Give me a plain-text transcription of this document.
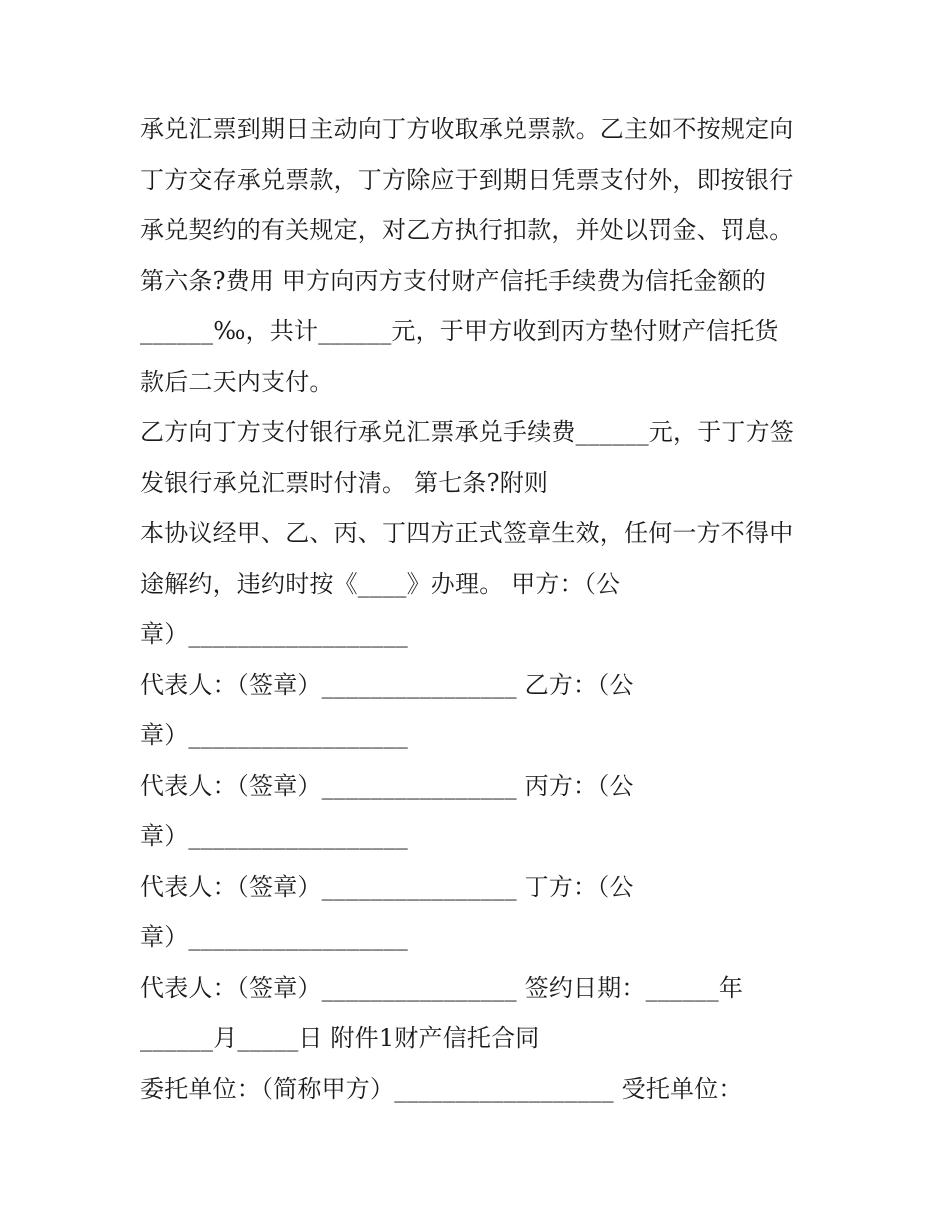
承兑汇票到期日主动向丁方收取承兑票款。乙主如不按规定向
丁方交存承兑票款，丁方除应于到期日凭票支付外，即按银行
承兑契约的有关规定，对乙方执行扣款，并处以罚金、罚息。
第六条?费用 甲方向丙方支付财产信托手续费为信托金额的
______‰，共计______元，于甲方收到丙方垫付财产信托货
款后二天内支付。
乙方向丁方支付银行承兑汇票承兑手续费______元，于丁方签
发银行承兑汇票时付清。 第七条?附则
本协议经甲、乙、丙、丁四方正式签章生效，任何一方不得中
途解约，违约时按《____》办理。 甲方：（公
章）__________________
代表人：（签章）________________ 乙方：（公
章）__________________
代表人：（签章）________________ 丙方：（公
章）__________________
代表人：（签章）________________ 丁方：（公
章）__________________
代表人：（签章）________________ 签约日期：______年
______月_____日 附件1财产信托合同
委托单位：（简称甲方）__________________ 受托单位：
